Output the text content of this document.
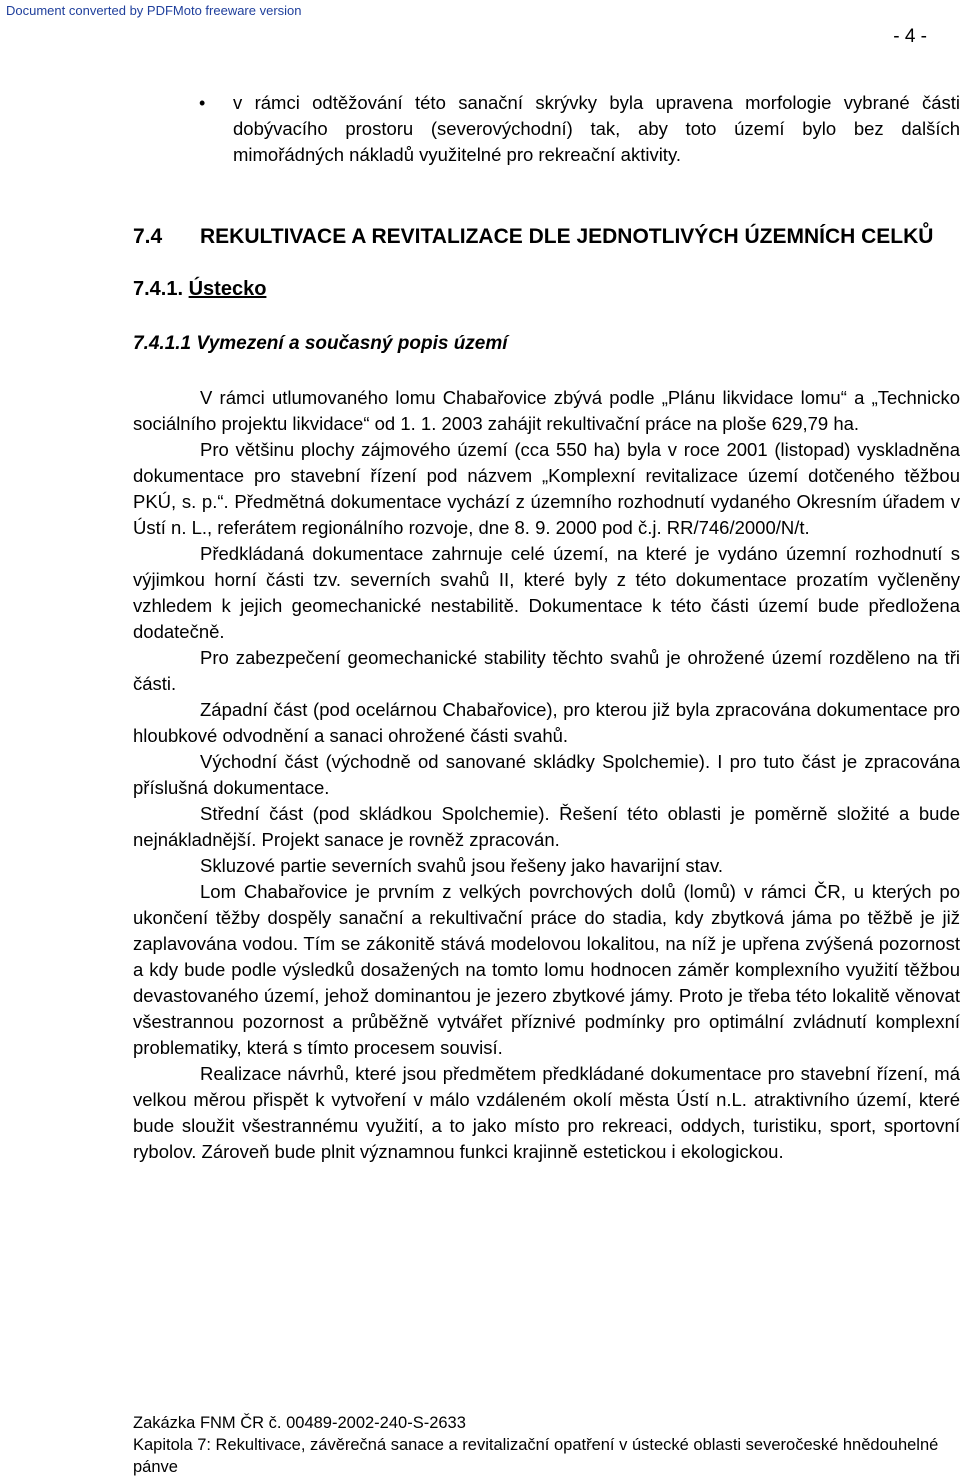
Document converted by PDFMoto freeware version
- 4 -
• v rámci odtěžování této sanační skrývky byla upravena morfologie vybrané části dobývacího prostoru (severovýchodní) tak, aby toto území bylo bez dalších mimořádných nákladů využitelné pro rekreační aktivity.
7.4	REKULTIVACE A REVITALIZACE DLE JEDNOTLIVÝCH ÚZEMNÍCH CELKŮ
7.4.1. Ústecko
7.4.1.1 Vymezení a současný popis území

V rámci utlumovaného lomu Chabařovice zbývá podle „Plánu likvidace lomu“ a „Technicko sociálního projektu likvidace“ od 1. 1. 2003 zahájit rekultivační práce na ploše 629,79 ha.

Pro většinu plochy zájmového území (cca 550 ha) byla v roce 2001 (listopad) vyskladněna dokumentace pro stavební řízení pod názvem „Komplexní revitalizace území dotčeného těžbou PKÚ, s. p.“. Předmětná dokumentace vychází z územního rozhodnutí vydaného Okresním úřadem v Ústí n. L., referátem regionálního rozvoje, dne 8. 9. 2000 pod č.j. RR/746/2000/N/t.

Předkládaná dokumentace zahrnuje celé území, na které je vydáno územní rozhodnutí s výjimkou horní části tzv. severních svahů II, které byly z této dokumentace prozatím vyčleněny vzhledem k jejich geomechanické nestabilitě. Dokumentace k této části území bude předložena dodatečně.

Pro zabezpečení geomechanické stability těchto svahů je ohrožené území rozděleno na tři části.

Západní část (pod ocelárnou Chabařovice), pro kterou již byla zpracována dokumentace pro hloubkové odvodnění a sanaci ohrožené části svahů.

Východní část (východně od sanované skládky Spolchemie). I pro tuto část je zpracována příslušná dokumentace.

Střední část (pod skládkou Spolchemie). Řešení této oblasti je poměrně složité a bude nejnákladnější. Projekt sanace je rovněž zpracován.

Skluzové partie severních svahů jsou řešeny jako havarijní stav.

Lom Chabařovice je prvním z velkých povrchových dolů (lomů) v rámci ČR, u kterých po ukončení těžby dospěly sanační a rekultivační práce do stadia, kdy zbytková jáma po těžbě je již zaplavována vodou. Tím se zákonitě stává modelovou lokalitou, na níž je upřena zvýšená pozornost a kdy bude podle výsledků dosažených na tomto lomu hodnocen záměr komplexního využití těžbou devastovaného území, jehož dominantou je jezero zbytkové jámy. Proto je třeba této lokalitě věnovat všestrannou pozornost a průběžně vytvářet příznivé podmínky pro optimální zvládnutí komplexní problematiky, která s tímto procesem souvisí.

Realizace návrhů, které jsou předmětem předkládané dokumentace pro stavební řízení, má velkou měrou přispět k vytvoření v málo vzdáleném okolí města Ústí n.L. atraktivního území, které bude sloužit všestrannému využití, a to jako místo pro rekreaci, oddych, turistiku, sport, sportovní rybolov. Zároveň bude plnit významnou funkci krajinně estetickou i ekologickou.

Zakázka FNM ČR č. 00489-2002-240-S-2633
Kapitola 7: Rekultivace, závěrečná sanace a revitalizační opatření v ústecké oblasti severočeské hnědouhelné pánve
